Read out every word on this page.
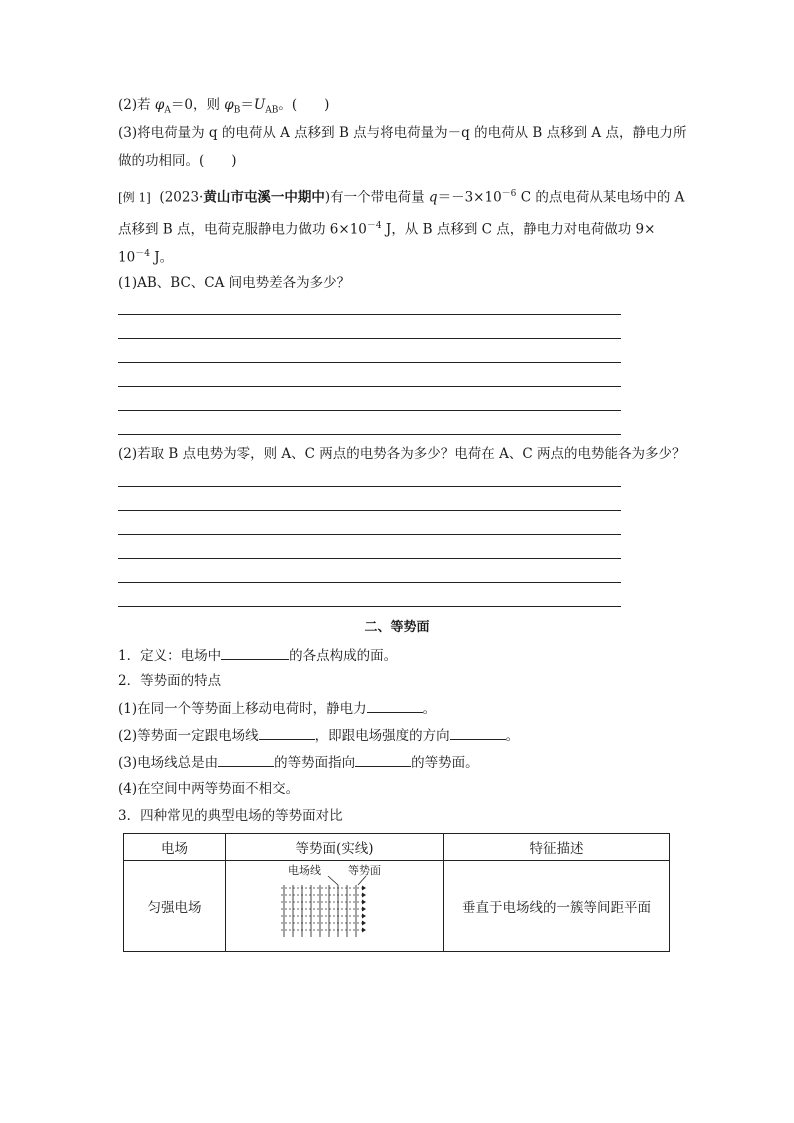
(2)若 $\varphi_A=0$，则 $\varphi_B=U_{AB}$。(　　)
(3)将电荷量为 q 的电荷从 A 点移到 B 点与将电荷量为－q 的电荷从 B 点移到 A 点，静电力所
做的功相同。(　　)
[例 1] (2023·黄山市屯溪一中期中)有一个带电荷量 $q=-3\times 10^{-6}$ C 的点电荷从某电场中的 A
点移到 B 点，电荷克服静电力做功 $6\times 10^{-4}$ J，从 B 点移到 C 点，静电力对电荷做功 9×
$10^{-4}$ J。
(1)AB、BC、CA 间电势差各为多少？
(2)若取 B 点电势为零，则 A、C 两点的电势各为多少？电荷在 A、C 两点的电势能各为多少？
二、等势面
1．定义：电场中	的各点构成的面。
2．等势面的特点
(1)在同一个等势面上移动电荷时，静电力	。
(2)等势面一定跟电场线	，即跟电场强度的方向	。
(3)电场线总是由	的等势面指向	的等势面。
(4)在空间中两等势面不相交。
3．四种常见的典型电场的等势面对比
电场	等势面(实线)	特征描述
匀强电场	电场线 等势面	垂直于电场线的一簇等间距平面
